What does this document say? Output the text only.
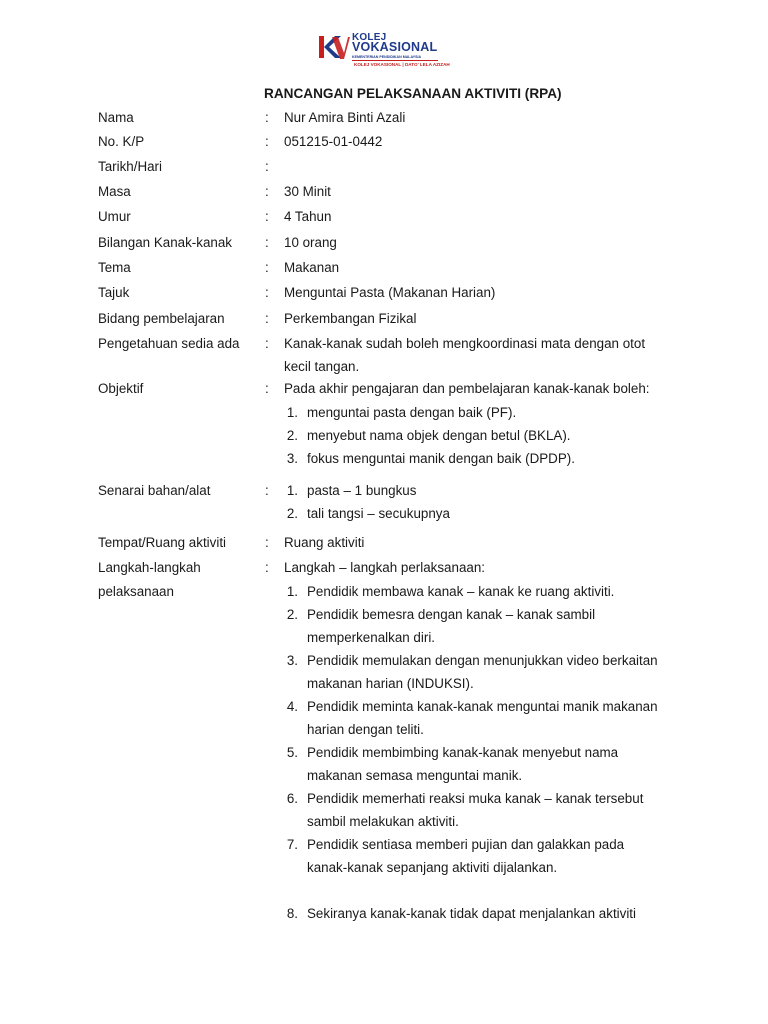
KOLEJ
VOKASIONAL
KEMENTERIAN PENDIDIKAN MALAYSIA
KOLEJ VOKASIONAL | DATO' LELA AZIZAH
RANCANGAN PELAKSANAAN AKTIVITI (RPA)
Nama	: Nur Amira Binti Azali
No. K/P	: 051215-01-0442
Tarikh/Hari	:
Masa	: 30 Minit
Umur	: 4 Tahun
Bilangan Kanak-kanak : 10 orang
Tema	: Makanan
Tajuk	: Menguntai Pasta (Makanan Harian)
Bidang pembelajaran	: Perkembangan Fizikal
Pengetahuan sedia ada : Kanak-kanak sudah boleh mengkoordinasi mata dengan otot
kecil tangan.
Objektif	: Pada akhir pengajaran dan pembelajaran kanak-kanak boleh:
1. menguntai pasta dengan baik (PF).
2. menyebut nama objek dengan betul (BKLA).
3. fokus menguntai manik dengan baik (DPDP).
Senarai bahan/alat	: 1. pasta – 1 bungkus
2. tali tangsi – secukupnya
Tempat/Ruang aktiviti	: Ruang aktiviti
Langkah-langkah
pelaksanaan
: Langkah – langkah perlaksanaan:
1. Pendidik membawa kanak – kanak ke ruang aktiviti.
2. Pendidik bemesra dengan kanak – kanak sambil
memperkenalkan diri.
3. Pendidik memulakan dengan menunjukkan video berkaitan
makanan harian (INDUKSI).
4. Pendidik meminta kanak-kanak menguntai manik makanan
harian dengan teliti.
5. Pendidik membimbing kanak-kanak menyebut nama
makanan semasa menguntai manik.
6. Pendidik memerhati reaksi muka kanak – kanak tersebut
sambil melakukan aktiviti.
7. Pendidik sentiasa memberi pujian dan galakkan pada
kanak-kanak sepanjang aktiviti dijalankan.
8. Sekiranya kanak-kanak tidak dapat menjalankan aktiviti
